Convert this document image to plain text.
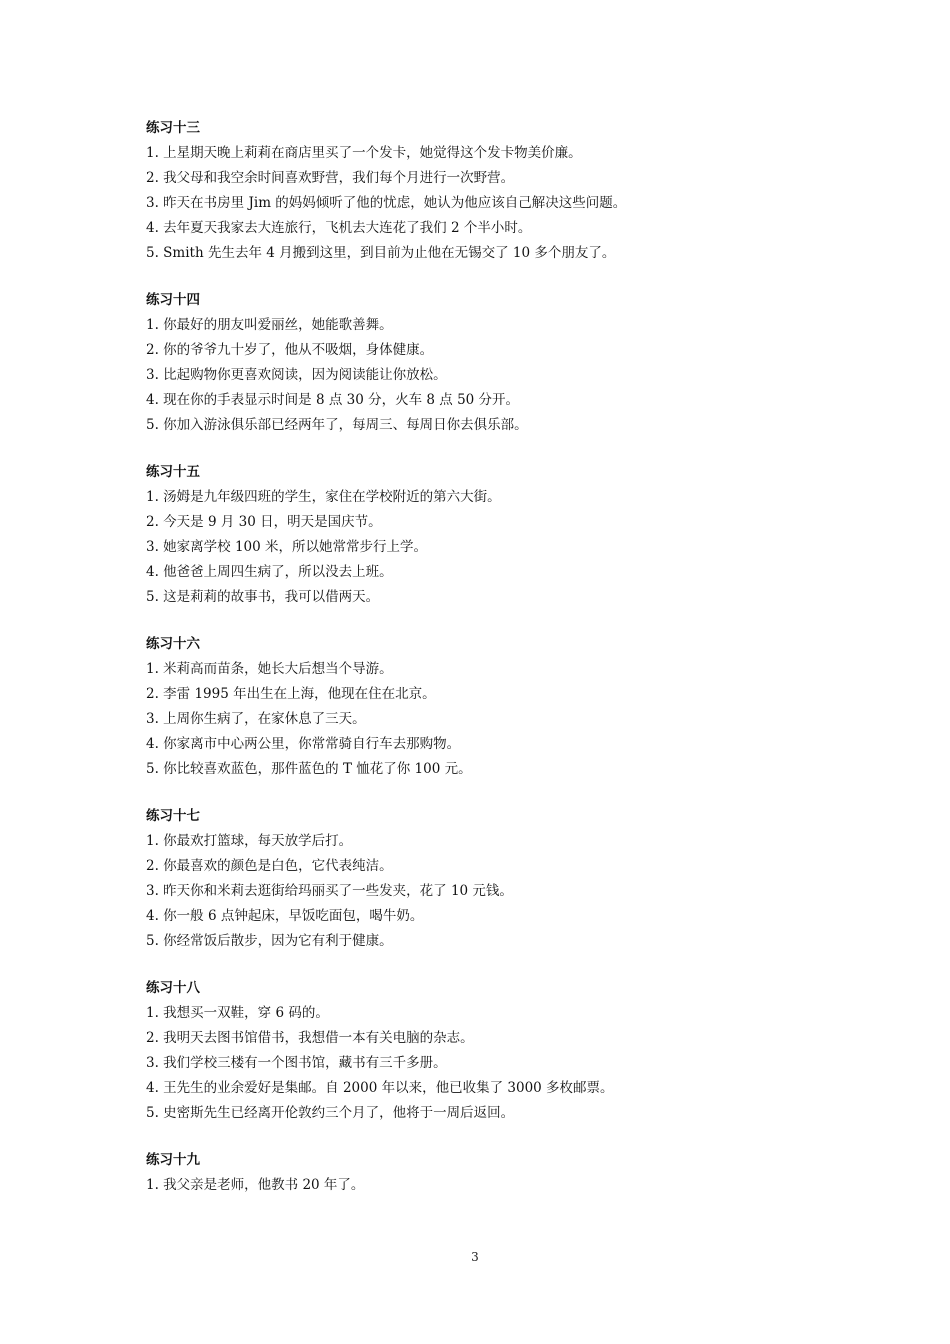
练习十三
1. 上星期天晚上莉莉在商店里买了一个发卡，她觉得这个发卡物美价廉。
2. 我父母和我空余时间喜欢野营，我们每个月进行一次野营。
3. 昨天在书房里 Jim 的妈妈倾听了他的忧虑，她认为他应该自己解决这些问题。
4. 去年夏天我家去大连旅行，飞机去大连花了我们 2 个半小时。
5. Smith 先生去年 4 月搬到这里，到目前为止他在无锡交了 10 多个朋友了。
练习十四
1. 你最好的朋友叫爱丽丝，她能歌善舞。
2. 你的爷爷九十岁了，他从不吸烟，身体健康。
3. 比起购物你更喜欢阅读，因为阅读能让你放松。
4. 现在你的手表显示时间是 8 点 30 分，火车 8 点 50 分开。
5. 你加入游泳俱乐部已经两年了，每周三、每周日你去俱乐部。
练习十五
1. 汤姆是九年级四班的学生，家住在学校附近的第六大街。
2. 今天是 9 月 30 日，明天是国庆节。
3. 她家离学校 100 米，所以她常常步行上学。
4. 他爸爸上周四生病了，所以没去上班。
5. 这是莉莉的故事书，我可以借两天。
练习十六
1. 米莉高而苗条，她长大后想当个导游。
2. 李雷 1995 年出生在上海，他现在住在北京。
3. 上周你生病了，在家休息了三天。
4. 你家离市中心两公里，你常常骑自行车去那购物。
5. 你比较喜欢蓝色，那件蓝色的 T 恤花了你 100 元。
练习十七
1. 你最欢打篮球，每天放学后打。
2. 你最喜欢的颜色是白色，它代表纯洁。
3. 昨天你和米莉去逛街给玛丽买了一些发夹，花了 10 元钱。
4. 你一般 6 点钟起床，早饭吃面包，喝牛奶。
5. 你经常饭后散步，因为它有利于健康。
练习十八
1. 我想买一双鞋，穿 6 码的。
2. 我明天去图书馆借书，我想借一本有关电脑的杂志。
3. 我们学校三楼有一个图书馆，藏书有三千多册。
4. 王先生的业余爱好是集邮。自 2000 年以来，他已收集了 3000 多枚邮票。
5. 史密斯先生已经离开伦敦约三个月了，他将于一周后返回。
练习十九
1. 我父亲是老师，他教书 20 年了。
3
